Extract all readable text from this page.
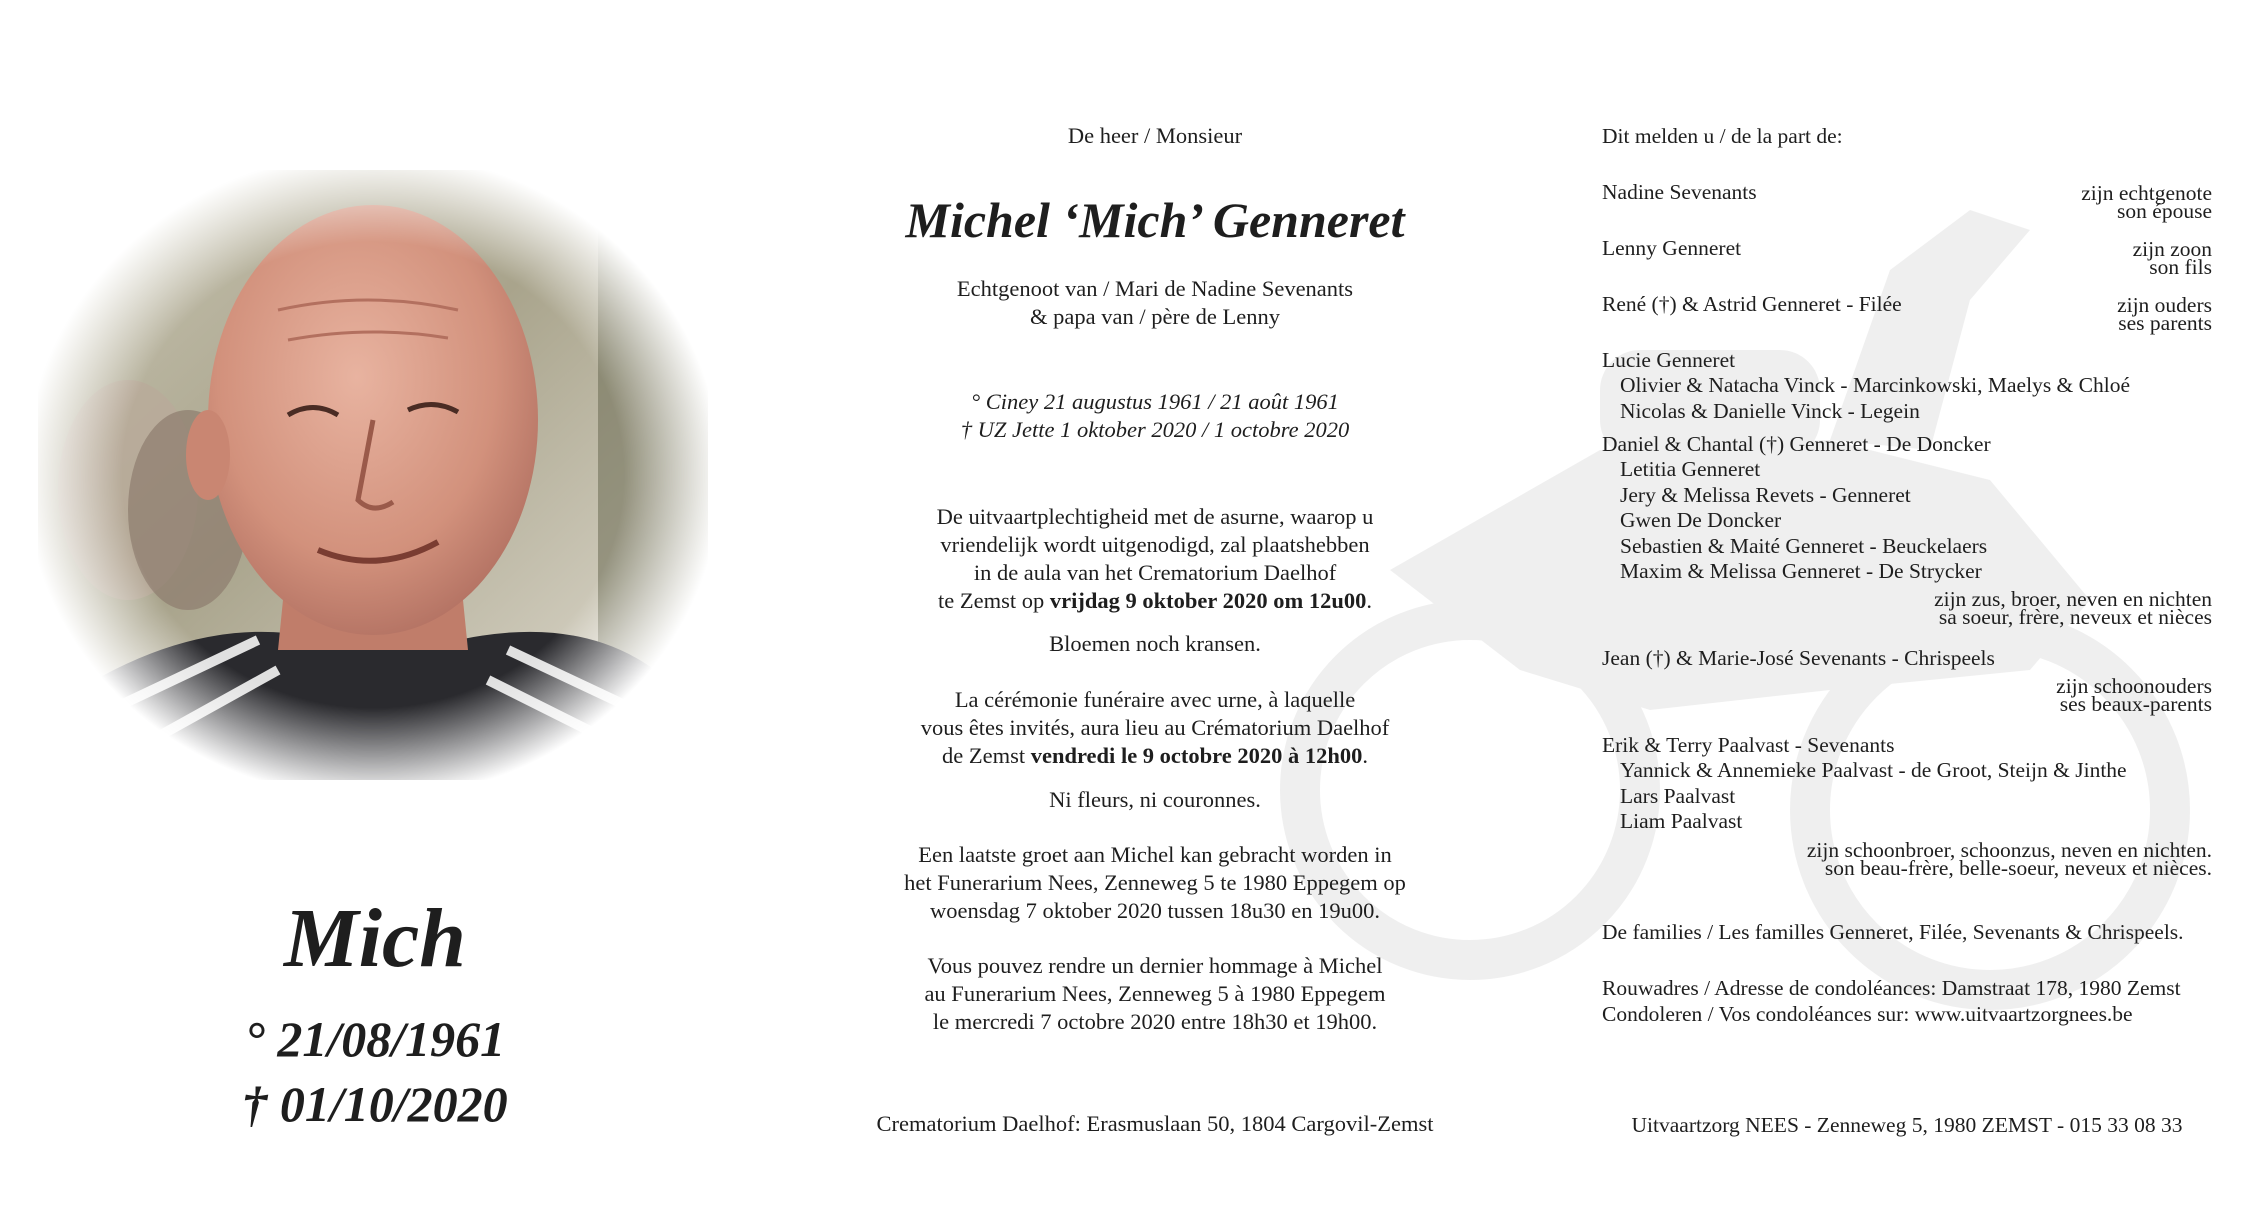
Mich
° 21/08/1961
† 01/10/2020
De heer / Monsieur
Michel ‘Mich’ Genneret

Echtgenoot van / Mari de Nadine Sevenants

& papa van / père de Lenny

° Ciney 21 augustus 1961 / 21 août 1961

† UZ Jette 1 oktober 2020 / 1 octobre 2020

De uitvaartplechtigheid met de asurne, waarop u

vriendelijk wordt uitgenodigd, zal plaatshebben

in de aula van het Crematorium Daelhof

te Zemst op vrijdag 9 oktober 2020 om 12u00.

Bloemen noch kransen.

La cérémonie funéraire avec urne, à laquelle

vous êtes invités, aura lieu au Crématorium Daelhof

de Zemst vendredi le 9 octobre 2020 à 12h00.

Ni fleurs, ni couronnes.

Een laatste groet aan Michel kan gebracht worden in

het Funerarium Nees, Zenneweg 5 te 1980 Eppegem op

woensdag 7 oktober 2020 tussen 18u30 en 19u00.

Vous pouvez rendre un dernier hommage à Michel

au Funerarium Nees, Zenneweg 5 à 1980 Eppegem

le mercredi 7 octobre 2020 entre 18h30 et 19h00.

Crematorium Daelhof: Erasmuslaan 50, 1804 Cargovil-Zemst
Dit melden u / de la part de:
Nadine Sevenants	zijn echtgenote
son épouse
Lenny Genneret	zijn zoon
son fils
René (†) & Astrid Genneret - Filée	zijn ouders
ses parents
Lucie Genneret
Olivier & Natacha Vinck - Marcinkowski, Maelys & Chloé
Nicolas & Danielle Vinck - Legein
Daniel & Chantal (†) Genneret - De Doncker
Letitia Genneret
Jery & Melissa Revets - Genneret
Gwen De Doncker
Sebastien & Maité Genneret - Beuckelaers
Maxim & Melissa Genneret - De Strycker
zijn zus, broer, neven en nichten
sa soeur, frère, neveux et nièces
Jean (†) & Marie-José Sevenants - Chrispeels
zijn schoonouders
ses beaux-parents
Erik & Terry Paalvast - Sevenants
Yannick & Annemieke Paalvast - de Groot, Steijn & Jinthe
Lars Paalvast
Liam Paalvast
zijn schoonbroer, schoonzus, neven en nichten.
son beau-frère, belle-soeur, neveux et nièces.
De families / Les familles Genneret, Filée, Sevenants & Chrispeels.
Rouwadres / Adresse de condoléances: Damstraat 178, 1980 Zemst
Condoleren / Vos condoléances sur: www.uitvaartzorgnees.be
Uitvaartzorg NEES - Zenneweg 5, 1980 ZEMST - 015 33 08 33
